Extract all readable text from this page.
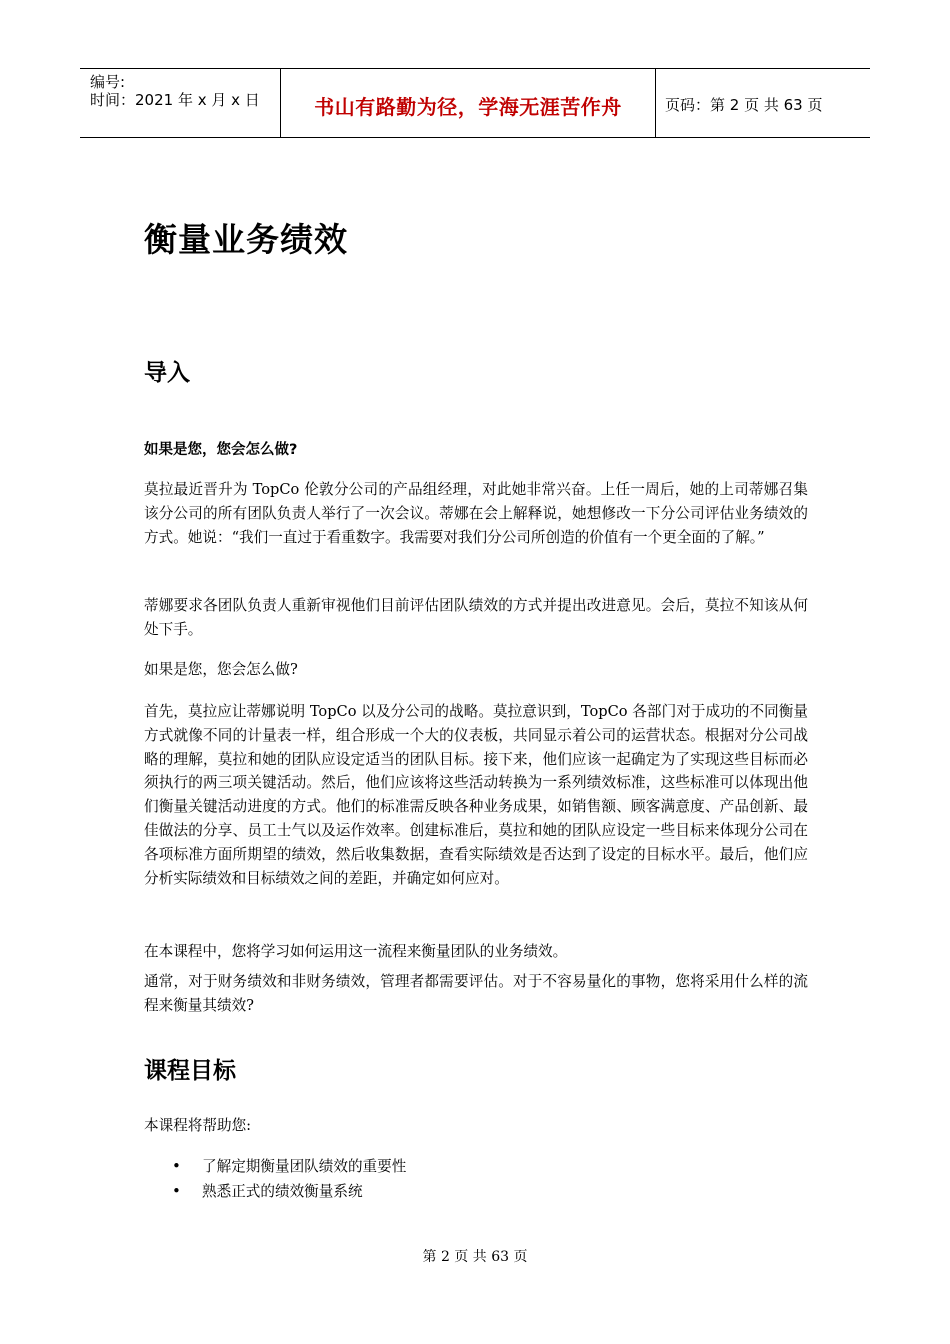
编号:
时间：2021 年 x 月 x 日	书山有路勤为径，学海无涯苦作舟	页码：第 2 页 共 63 页
衡量业务绩效
导入
如果是您，您会怎么做?
莫拉最近晋升为 TopCo 伦敦分公司的产品组经理，对此她非常兴奋。上任一周后，她的上司蒂娜召集该分公司的所有团队负责人举行了一次会议。蒂娜在会上解释说，她想修改一下分公司评估业务绩效的方式。她说：“我们一直过于看重数字。我需要对我们分公司所创造的价值有一个更全面的了解。”
蒂娜要求各团队负责人重新审视他们目前评估团队绩效的方式并提出改进意见。会后，莫拉不知该从何处下手。
如果是您，您会怎么做?
首先，莫拉应让蒂娜说明 TopCo 以及分公司的战略。莫拉意识到，TopCo 各部门对于成功的不同衡量方式就像不同的计量表一样，组合形成一个大的仪表板，共同显示着公司的运营状态。根据对分公司战略的理解，莫拉和她的团队应设定适当的团队目标。接下来，他们应该一起确定为了实现这些目标而必须执行的两三项关键活动。然后，他们应该将这些活动转换为一系列绩效标准，这些标准可以体现出他们衡量关键活动进度的方式。他们的标准需反映各种业务成果，如销售额、顾客满意度、产品创新、最佳做法的分享、员工士气以及运作效率。创建标准后，莫拉和她的团队应设定一些目标来体现分公司在各项标准方面所期望的绩效，然后收集数据，查看实际绩效是否达到了设定的目标水平。最后，他们应分析实际绩效和目标绩效之间的差距，并确定如何应对。
在本课程中，您将学习如何运用这一流程来衡量团队的业务绩效。
通常，对于财务绩效和非财务绩效，管理者都需要评估。对于不容易量化的事物，您将采用什么样的流程来衡量其绩效?
课程目标
本课程将帮助您:
• 了解定期衡量团队绩效的重要性
• 熟悉正式的绩效衡量系统
第 2 页 共 63 页
